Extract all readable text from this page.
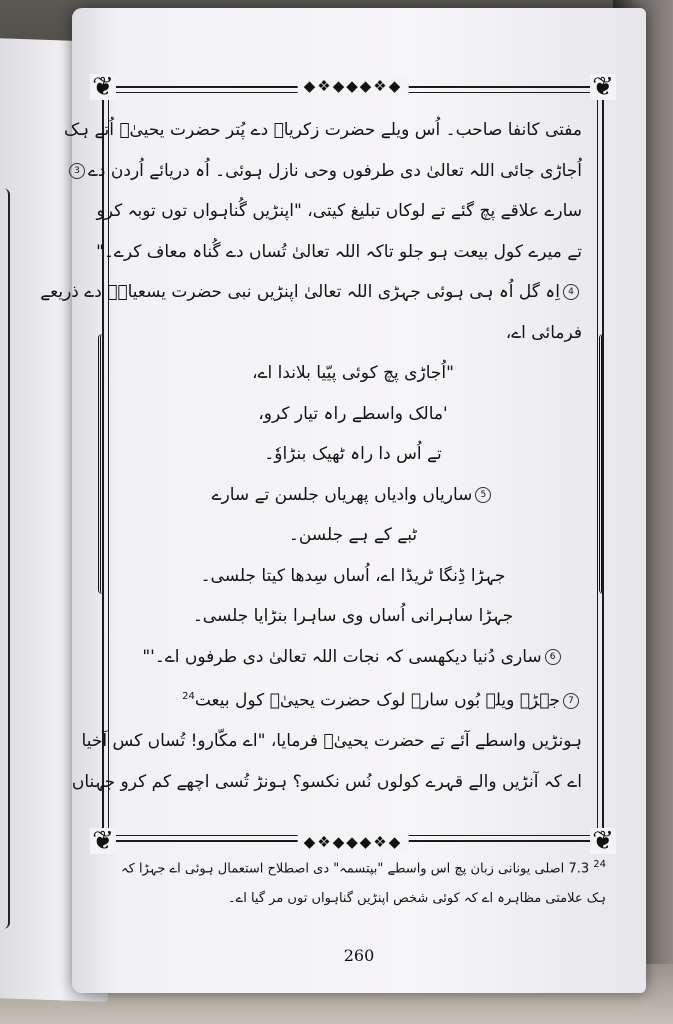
❦	❦
❦	❦
◆❖◆◆◆❖◆
◆❖◆◆◆❖◆
مفتی کانفا صاحب۔ اُس ویلے حضرت زکریاؔ دے پُتر حضرت یحییٰؔ اُتے ہک
اُجاڑی جائی اللہ تعالیٰ دی طرفوں وحی نازل ہوئی۔ اُہ دریائے اُردن دے3
سارے علاقے پچ گئے تے لوکاں تبلیغ کیتی، "اپنڑیں گُناہواں توں توبہ کرو
تے میرے کول بیعت ہو جلو تاکہ اللہ تعالیٰ تُساں دے گُناہ معاف کرے۔"
4اِہ گل اُہ ہی ہوئی جہڑی اللہ تعالیٰ اپنڑیں نبی حضرت یسعیاہؔ دے ذریعے
فرمائی اے،
"اُجاڑی پچ کوئی پیّیا بلاندا اے،
'مالک واسطے راہ تیار کرو،
تے اُس دا راہ ٹھیک بنڑاوٗ۔
5ساریاں وادیاں پھریاں جلسن تے سارے
ٹبے کے ہے جلسن۔
جہڑا ڈِنگا ٹریڈا اے، اُساں سِدھا کیتا جلسی۔
جہڑا ساہرانی اُساں وی ساہرا بنڑایا جلسی۔
6ساری دُنیا دیکھسی کہ نجات اللہ تعالیٰ دی طرفوں اے۔'"
7جہڑے ویلے بُوں سارے لوک حضرت یحییٰؔ کول بیعت24
ہونڑیں واسطے آئے تے حضرت یحییٰؔ فرمایا، "اے مکّارو! تُساں کس آخیا
اے کہ آنڑیں والے قہرے کولوں نُس نکسو؟ ہونڑ تُسی اچھے کم کرو جہناں
24 7.3 اصلی یونانی زبان پچ اس واسطے "بپتسمہ" دی اصطلاح استعمال ہوئی اے جہڑا کہ
ہک علامتی مظاہرہ اے کہ کوئی شخص اپنڑیں گناہواں توں مر گیا اے۔
260
